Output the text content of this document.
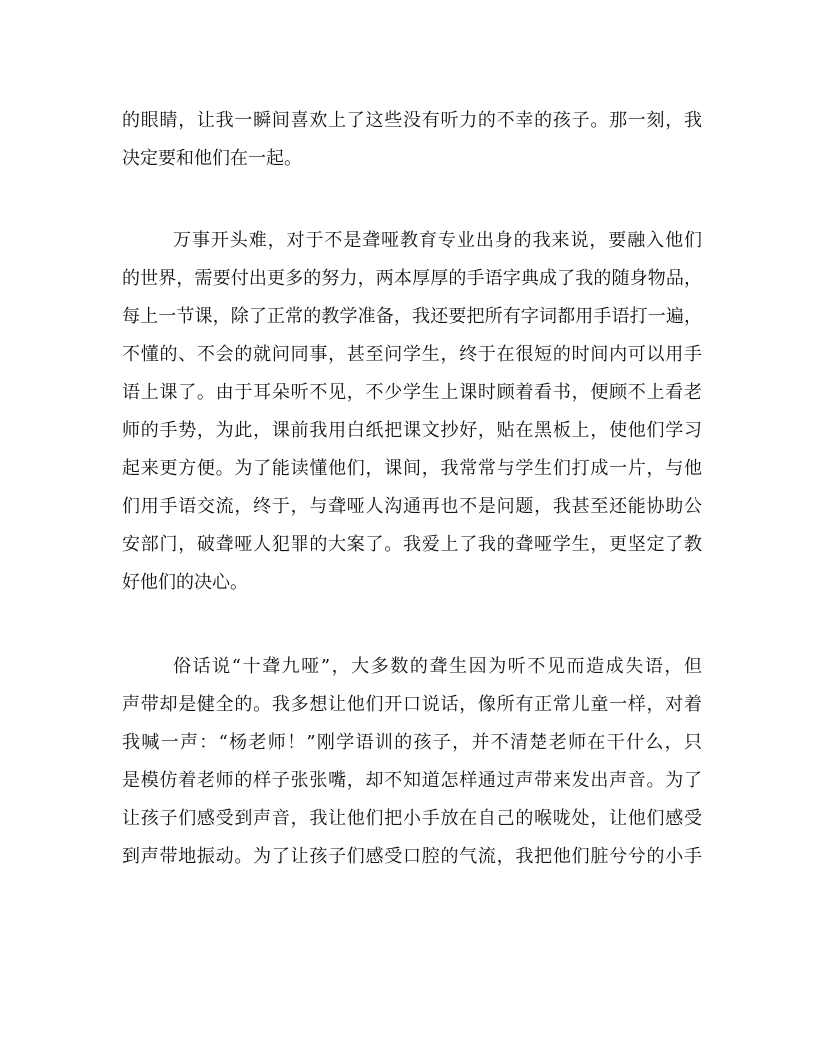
的眼睛，让我一瞬间喜欢上了这些没有听力的不幸的孩子。那一刻，我
决定要和他们在一起。
万事开头难，对于不是聋哑教育专业出身的我来说，要融入他们
的世界，需要付出更多的努力，两本厚厚的手语字典成了我的随身物品，
每上一节课，除了正常的教学准备，我还要把所有字词都用手语打一遍，
不懂的、不会的就问同事，甚至问学生，终于在很短的时间内可以用手
语上课了。由于耳朵听不见，不少学生上课时顾着看书，便顾不上看老
师的手势，为此，课前我用白纸把课文抄好，贴在黑板上，使他们学习
起来更方便。为了能读懂他们，课间，我常常与学生们打成一片，与他
们用手语交流，终于，与聋哑人沟通再也不是问题，我甚至还能协助公
安部门，破聋哑人犯罪的大案了。我爱上了我的聋哑学生，更坚定了教
好他们的决心。
俗话说“十聋九哑”，大多数的聋生因为听不见而造成失语，但
声带却是健全的。我多想让他们开口说话，像所有正常儿童一样，对着
我喊一声：“杨老师！”刚学语训的孩子，并不清楚老师在干什么，只
是模仿着老师的样子张张嘴，却不知道怎样通过声带来发出声音。为了
让孩子们感受到声音，我让他们把小手放在自己的喉咙处，让他们感受
到声带地振动。为了让孩子们感受口腔的气流，我把他们脏兮兮的小手
